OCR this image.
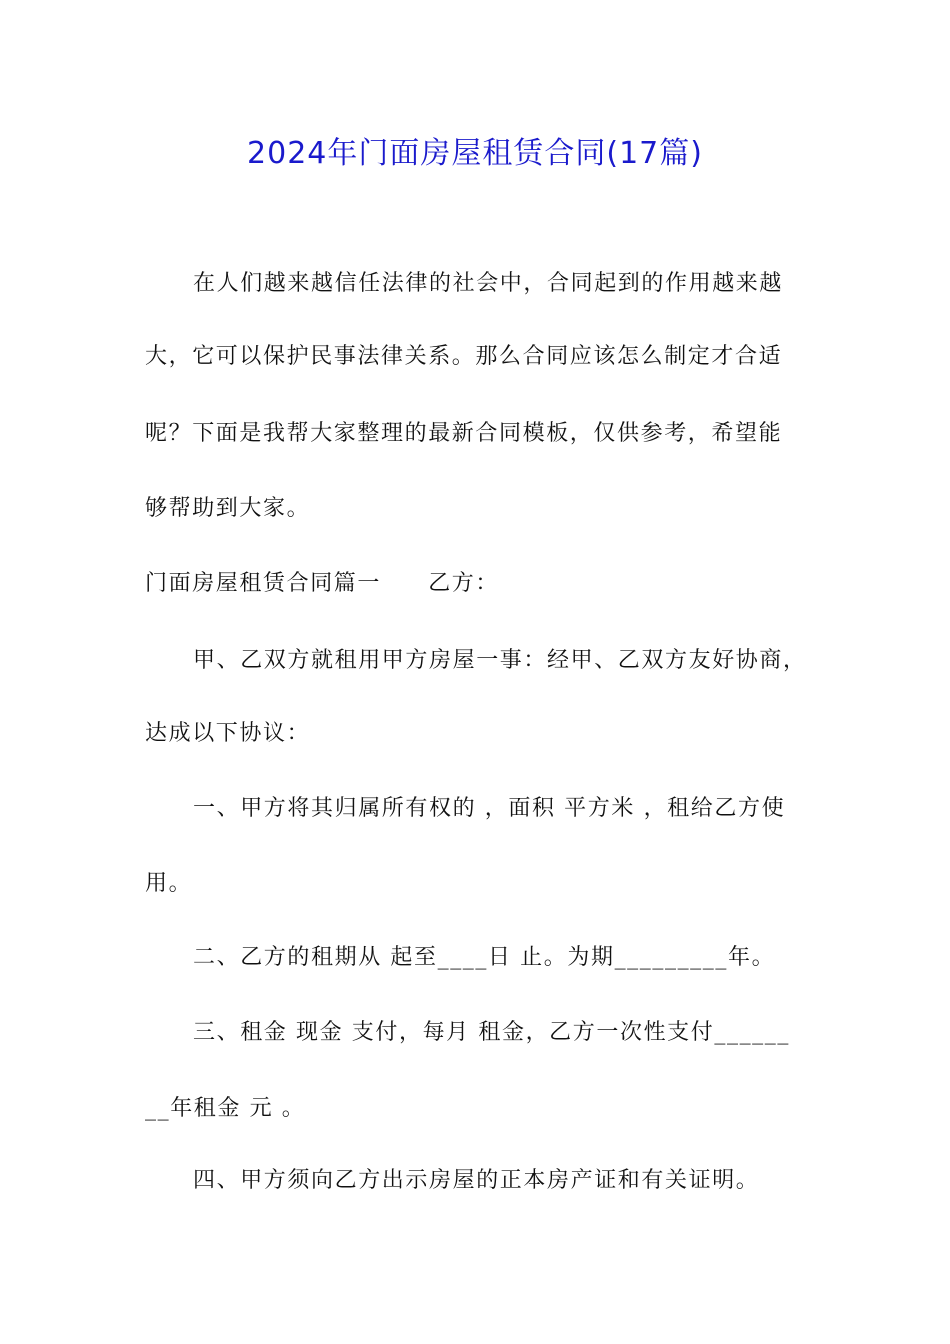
2024年门面房屋租赁合同(17篇)

在人们越来越信任法律的社会中，合同起到的作用越来越

大，它可以保护民事法律关系。那么合同应该怎么制定才合适

呢？下面是我帮大家整理的最新合同模板，仅供参考，希望能

够帮助到大家。

门面房屋租赁合同篇一　　乙方：

甲、乙双方就租用甲方房屋一事：经甲、乙双方友好协商，

达成以下协议：

一、甲方将其归属所有权的 ，面积 平方米 ，租给乙方使

用。

二、乙方的租期从 起至____日 止。为期_________年。

三、租金 现金 支付，每月 租金，乙方一次性支付______

__年租金 元 。

四、甲方须向乙方出示房屋的正本房产证和有关证明。
